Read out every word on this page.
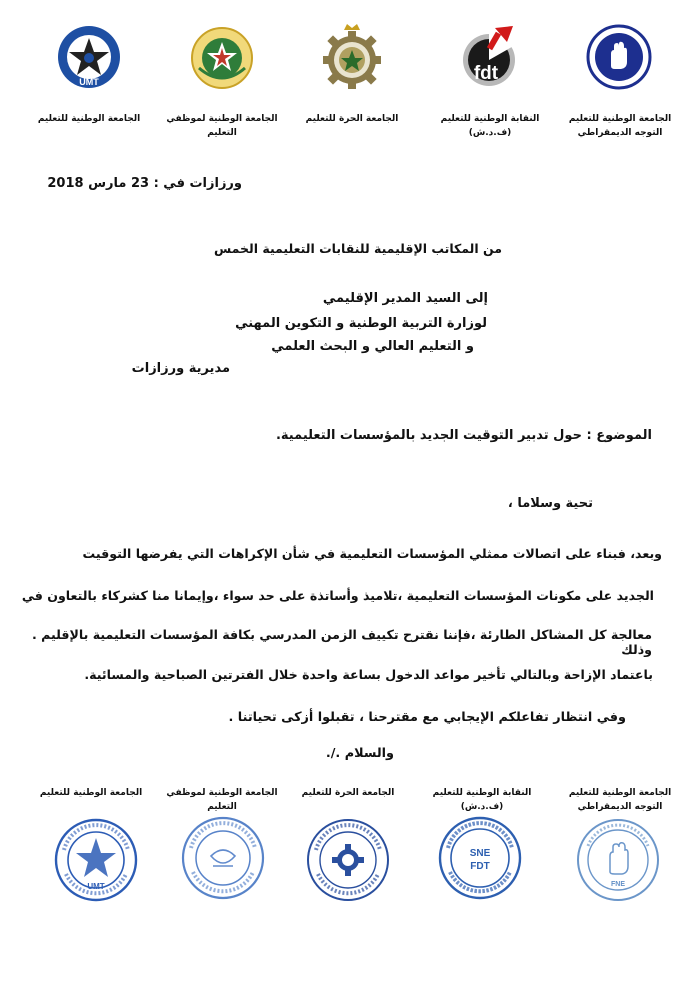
fdt
UMT
الجامعة الوطنية للتعليم
التوجه الديمقراطي
النقابة الوطنية للتعليم
(ف.د.ش)
الجامعة الحرة للتعليم
الجامعة الوطنية لموظفي
التعليم
الجامعة الوطنية للتعليم
ورزازات في : 23 مارس 2018
من المكاتب الإقليمية للنقابات التعليمية الخمس
إلى السيد المدير الإقليمي
لوزارة التربية الوطنية و التكوين المهني
و التعليم العالي و البحث العلمي
مديرية ورزازات
الموضوع : حول تدبير التوقيت الجديد بالمؤسسات التعليمية.
تحية وسلاما ،
وبعد، فبناء على اتصالات ممثلي المؤسسات التعليمية في شأن الإكراهات التي يفرضها التوقيت
الجديد على مكونات المؤسسات التعليمية ،تلاميذ وأساتذة على حد سواء ،وإيمانا منا كشركاء بالتعاون في
معالجة كل المشاكل الطارئة ،فإننا نقترح تكييف الزمن المدرسي بكافة المؤسسات التعليمية بالإقليم . وذلك
باعتماد الإزاحة وبالتالي تأخير مواعد الدخول بساعة واحدة خلال الفترتين الصباحية والمسائية.
وفي انتظار تفاعلكم الإيجابي مع مقترحنا ، تقبلوا أزكى تحياتنا .
والسلام ./.
الجامعة الوطنية للتعليم
التوجه الديمقراطي
النقابة الوطنية للتعليم
(ف.د.ش)
الجامعة الحرة للتعليم
الجامعة الوطنية لموظفي
التعليم
الجامعة الوطنية للتعليم
FNE
SNE
FDT
UMT
